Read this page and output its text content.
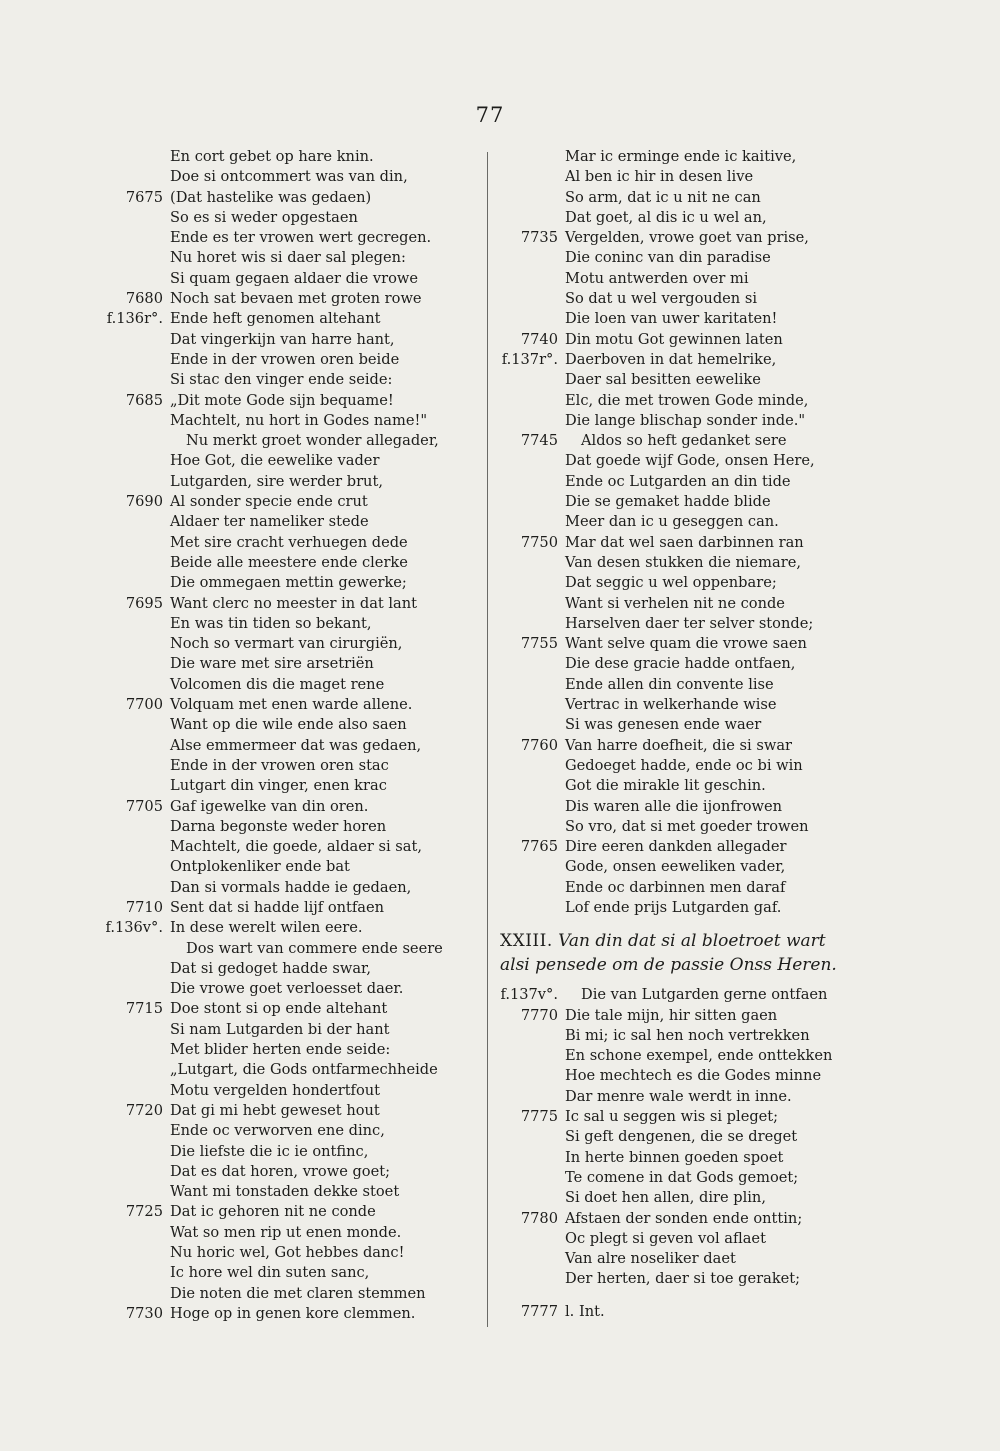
77
En cort gebet op hare knin.
Doe si ontcommert was van din,
7675 (Dat hastelike was gedaen)
So es si weder opgestaen
Ende es ter vrowen wert gecregen.
Nu horet wis si daer sal plegen:
Si quam gegaen aldaer die vrowe
7680 Noch sat bevaen met groten rowe
f.136r°. Ende heft genomen altehant
Dat vingerkijn van harre hant,
Ende in der vrowen oren beide
Si stac den vinger ende seide:
7685 „Dit mote Gode sijn bequame!
Machtelt, nu hort in Godes name!"
Nu merkt groet wonder allegader,
Hoe Got, die eewelike vader
Lutgarden, sire werder brut,
7690 Al sonder specie ende crut
Aldaer ter nameliker stede
Met sire cracht verhuegen dede
Beide alle meestere ende clerke
Die ommegaen mettin gewerke;
7695 Want clerc no meester in dat lant
En was tin tiden so bekant,
Noch so vermart van cirurgiën,
Die ware met sire arsetriën
Volcomen dis die maget rene
7700 Volquam met enen warde allene.
Want op die wile ende also saen
Alse emmermeer dat was gedaen,
Ende in der vrowen oren stac
Lutgart din vinger, enen krac
7705 Gaf igewelke van din oren.
Darna begonste weder horen
Machtelt, die goede, aldaer si sat,
Ontplokenliker ende bat
Dan si vormals hadde ie gedaen,
7710 Sent dat si hadde lijf ontfaen
f.136v°. In dese werelt wilen eere.
Dos wart van commere ende seere
Dat si gedoget hadde swar,
Die vrowe goet verloesset daer.
7715 Doe stont si op ende altehant
Si nam Lutgarden bi der hant
Met blider herten ende seide:
„Lutgart, die Gods ontfarmechheide
Motu vergelden hondertfout
7720 Dat gi mi hebt geweset hout
Ende oc verworven ene dinc,
Die liefste die ic ie ontfinc,
Dat es dat horen, vrowe goet;
Want mi tonstaden dekke stoet
7725 Dat ic gehoren nit ne conde
Wat so men rip ut enen monde.
Nu horic wel, Got hebbes danc!
Ic hore wel din suten sanc,
Die noten die met claren stemmen
7730 Hoge op in genen kore clemmen.
Mar ic erminge ende ic kaitive,
Al ben ic hir in desen live
So arm, dat ic u nit ne can
Dat goet, al dis ic u wel an,
7735 Vergelden, vrowe goet van prise,
Die coninc van din paradise
Motu antwerden over mi
So dat u wel vergouden si
Die loen van uwer karitaten!
7740 Din motu Got gewinnen laten
f.137r°. Daerboven in dat hemelrike,
Daer sal besitten eewelike
Elc, die met trowen Gode minde,
Die lange blischap sonder inde."
7745 Aldos so heft gedanket sere
Dat goede wijf Gode, onsen Here,
Ende oc Lutgarden an din tide
Die se gemaket hadde blide
Meer dan ic u geseggen can.
7750 Mar dat wel saen darbinnen ran
Van desen stukken die niemare,
Dat seggic u wel oppenbare;
Want si verhelen nit ne conde
Harselven daer ter selver stonde;
7755 Want selve quam die vrowe saen
Die dese gracie hadde ontfaen,
Ende allen din convente lise
Vertrac in welkerhande wise
Si was genesen ende waer
7760 Van harre doefheit, die si swar
Gedoeget hadde, ende oc bi win
Got die mirakle lit geschin.
Dis waren alle die ijonfrowen
So vro, dat si met goeder trowen
7765 Dire eeren dankden allegader
Gode, onsen eeweliken vader,
Ende oc darbinnen men daraf
Lof ende prijs Lutgarden gaf.
XXIII. Van din dat si al bloetroet wart
alsi pensede om de passie Onss Heren.
f.137v°. Die van Lutgarden gerne ontfaen
7770 Die tale mijn, hir sitten gaen
Bi mi; ic sal hen noch vertrekken
En schone exempel, ende onttekken
Hoe mechtech es die Godes minne
Dar menre wale werdt in inne.
7775 Ic sal u seggen wis si pleget;
Si geft dengenen, die se dreget
In herte binnen goeden spoet
Te comene in dat Gods gemoet;
Si doet hen allen, dire plin,
7780 Afstaen der sonden ende onttin;
Oc plegt si geven vol aflaet
Van alre noseliker daet
Der herten, daer si toe geraket;
7777 l. Int.
